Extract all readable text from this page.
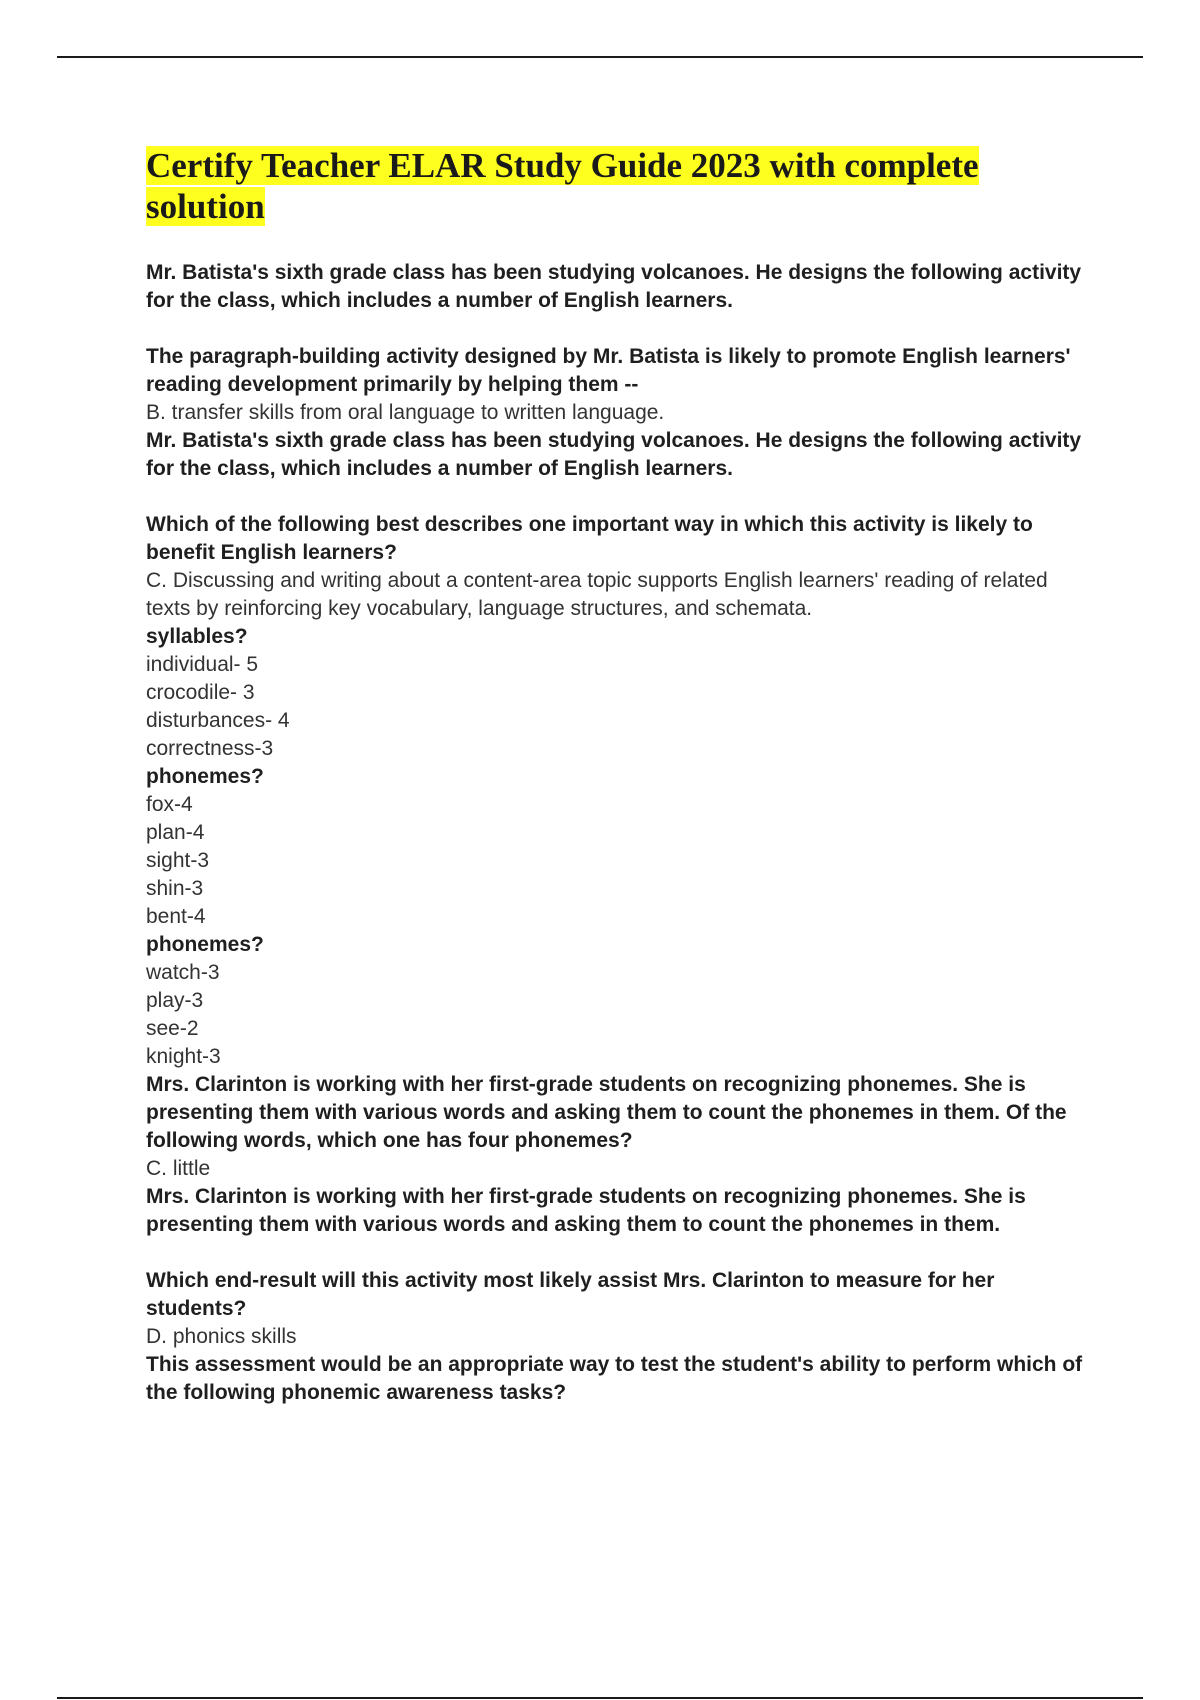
Certify Teacher ELAR Study Guide 2023 with complete solution
Mr. Batista's sixth grade class has been studying volcanoes. He designs the following activity for the class, which includes a number of English learners.
The paragraph-building activity designed by Mr. Batista is likely to promote English learners' reading development primarily by helping them --
B. transfer skills from oral language to written language.
Mr. Batista's sixth grade class has been studying volcanoes. He designs the following activity for the class, which includes a number of English learners.
Which of the following best describes one important way in which this activity is likely to benefit English learners?
C. Discussing and writing about a content-area topic supports English learners' reading of related texts by reinforcing key vocabulary, language structures, and schemata.
syllables?
individual- 5
crocodile- 3
disturbances- 4
correctness-3
phonemes?
fox-4
plan-4
sight-3
shin-3
bent-4
phonemes?
watch-3
play-3
see-2
knight-3
Mrs. Clarinton is working with her first-grade students on recognizing phonemes. She is presenting them with various words and asking them to count the phonemes in them. Of the following words, which one has four phonemes?
C. little
Mrs. Clarinton is working with her first-grade students on recognizing phonemes. She is presenting them with various words and asking them to count the phonemes in them.
Which end-result will this activity most likely assist Mrs. Clarinton to measure for her students?
D. phonics skills
This assessment would be an appropriate way to test the student's ability to perform which of the following phonemic awareness tasks?
